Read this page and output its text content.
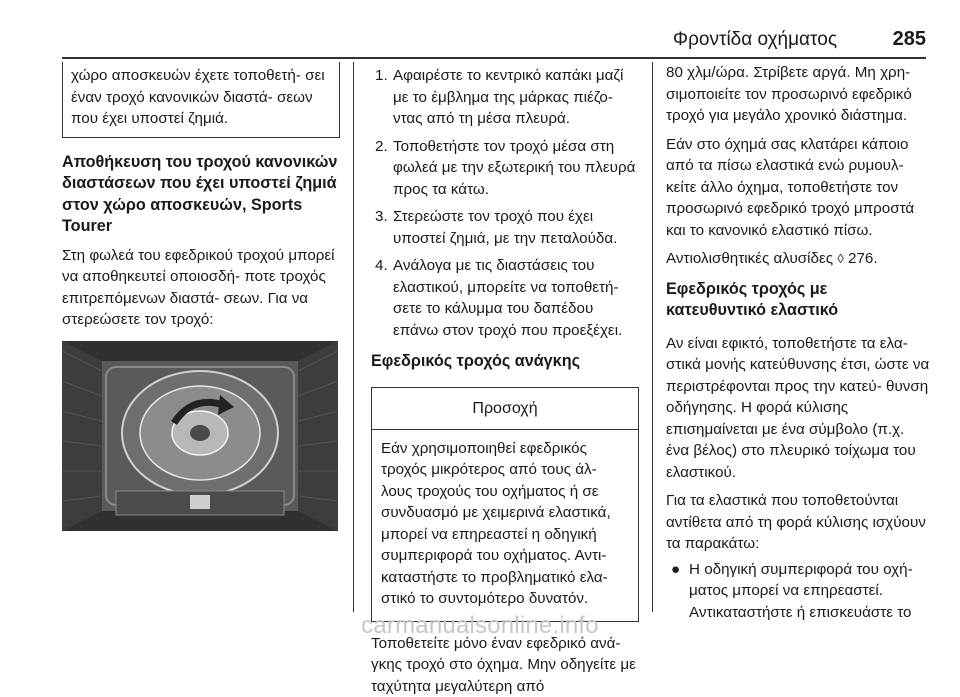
Φροντίδα οχήματος	285

χώρο αποσκευών έχετε τοποθετή- σει έναν τροχό κανονικών διαστά- σεων που έχει υποστεί ζημιά.

Αποθήκευση του τροχού κανονικών διαστάσεων που έχει υποστεί ζημιά στον χώρο αποσκευών, Sports Tourer

Στη φωλεά του εφεδρικού τροχού μπορεί να αποθηκευτεί οποιοσδή- ποτε τροχός επιτρεπόμενων διαστά- σεων. Για να στερεώσετε τον τροχό:

1. Αφαιρέστε το κεντρικό καπάκι μαζί με το έμβλημα της μάρκας πιέζο- ντας από τη μέσα πλευρά.
2. Τοποθετήστε τον τροχό μέσα στη φωλεά με την εξωτερική του πλευρά προς τα κάτω.
3. Στερεώστε τον τροχό που έχει υποστεί ζημιά, με την πεταλούδα.
4. Ανάλογα με τις διαστάσεις του ελαστικού, μπορείτε να τοποθετή- σετε το κάλυμμα του δαπέδου επάνω στον τροχό που προεξέχει.
Εφεδρικός τροχός ανάγκης
Προσοχή

Εάν χρησιμοποιηθεί εφεδρικός τροχός μικρότερος από τους άλ- λους τροχούς του οχήματος ή σε συνδυασμό με χειμερινά ελαστικά, μπορεί να επηρεαστεί η οδηγική συμπεριφορά του οχήματος. Αντι- καταστήστε το προβληματικό ελα- στικό το συντομότερο δυνατόν.

Τοποθετείτε μόνο έναν εφεδρικό ανά- γκης τροχό στο όχημα. Μην οδηγείτε με ταχύτητα μεγαλύτερη από

80 χλμ/ώρα. Στρίβετε αργά. Μη χρη- σιμοποιείτε τον προσωρινό εφεδρικό τροχό για μεγάλο χρονικό διάστημα.

Εάν στο όχημά σας κλατάρει κάποιο από τα πίσω ελαστικά ενώ ρυμουλ- κείτε άλλο όχημα, τοποθετήστε τον προσωρινό εφεδρικό τροχό μπροστά και το κανονικό ελαστικό πίσω.

Αντιολισθητικές αλυσίδες ◊ 276.

Εφεδρικός τροχός με κατευθυντικό ελαστικό

Αν είναι εφικτό, τοποθετήστε τα ελα- στικά μονής κατεύθυνσης έτσι, ώστε να περιστρέφονται προς την κατεύ- θυνση οδήγησης. Η φορά κύλισης επισημαίνεται με ένα σύμβολο (π.χ. ένα βέλος) στο πλευρικό τοίχωμα του ελαστικού.

Για τα ελαστικά που τοποθετούνται αντίθετα από τη φορά κύλισης ισχύουν τα παρακάτω:

● Η οδηγική συμπεριφορά του οχή- ματος μπορεί να επηρεαστεί. Αντικαταστήστε ή επισκευάστε το
carmanualsonline.info
